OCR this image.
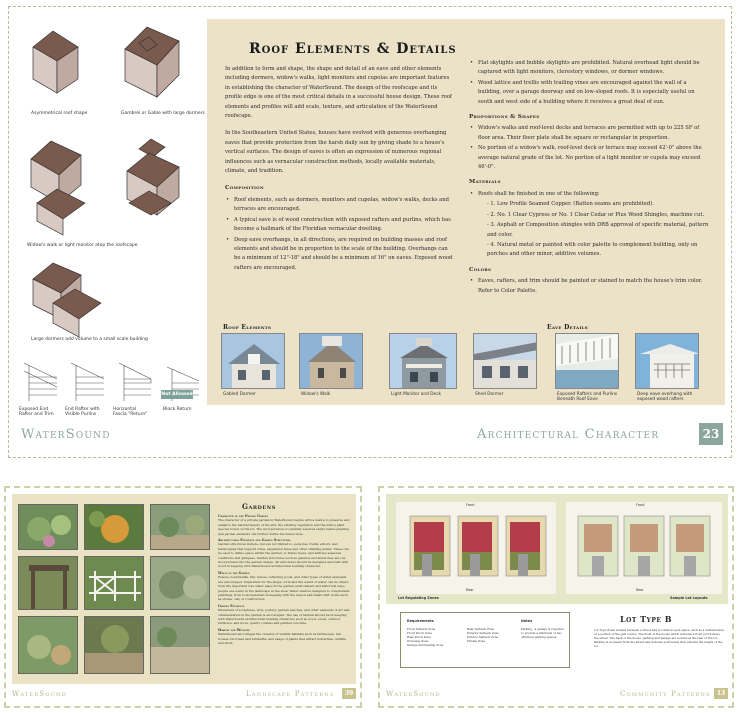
Asymmetrical roof shape	Gambrel or Gable with large dormers
Widow's walk or light monitor atop the roofscape
Large dormers add volume to a small scale building
Not Allowed
Exposed End Rafter and Trim
End Rafter with Visible Purlins
Horizontal Fascia "Return"
Block Return
Roof Elements & Details

In addition to form and shape, the shape and detail of an eave and other elements including dormers, widow's walks, light monitors and cupolas are important features in establishing the character of WaterSound. The design of the roofscape and its profile edge is one of the most critical details in a successful house design. These roof elements and profiles will add scale, texture, and articulation of the WaterSound roofscape.

In the Southeastern United States, houses have evolved with generous overhanging eaves that provide protection from the harsh daily sun by giving shade to a house's vertical surfaces. The design of eaves is often an expression of numerous regional influences such as vernacular construction methods, locally available materials, climate, and tradition.

Composition
• Roof elements, such as dormers, monitors and cupolas, widow's walks, decks and terraces are encouraged.
• A typical eave is of wood construction with exposed rafters and purlins, which has become a hallmark of the Floridian vernacular dwelling.
• Deep eave overhangs, in all directions, are required on building masses and roof elements and should be in proportion to the scale of the building. Overhangs can be a minimum of 12"-18" and should be a minimum of 16" on eaves. Exposed wood rafters are encouraged.
• Flat skylights and bubble skylights are prohibited. Natural overhead light should be captured with light monitors, clerestory windows, or dormer windows.
• Wood lattice and trellis with trailing vines are encouraged against the wall of a building, over a garage doorway and on low-sloped roofs. It is especially useful on south and west side of a building where it receives a great deal of sun.
Proportions & Shapes
• Widow's walks and roof-level decks and terraces are permitted with up to 225 SF of floor area. Their floor plate shall be square or rectangular in proportion.
• No portion of a widow's walk, roof-level deck or terrace may exceed 42'-0" above the average natural grade of the lot. No portion of a light monitor or cupola may exceed 46'-0".
Materials
• Roofs shall be finished in one of the following:
- 1. Low Profile Seamed Copper. (Batten seams are prohibited).
- 2. No. 1 Clear Cypress or No. 1 Clear Cedar or Plus Wood Shingles, machine cut.
- 3. Asphalt or Composition shingles with DRB approval of specific material, pattern and color.
- 4. Natural metal or painted with color palette to complement building, only on porches and other minor, additive volumes.
Colors
• Eaves, rafters, and trim should be painted or stained to match the house's trim color. Refer to Color Palette.
Roof Elements	Eave Details
Gabled Dormer	Widow's Walk	Light Monitor and Deck	Shed Dormer	Exposed Rafters and Purlins Beneath Roof Eave
Deep eave overhang with exposed wood rafters
WaterSound	Architectural Character	23
Gardens
Character of the Private Garden
The character of a private garden in WaterSound begins with a desire to preserve and enhance the natural beauty of the site; the existing vegetation and the native plant species found on the lot. The incorporation of carefully selected sandy native planting and garden elements can further define the dunes style.
Architectural Elements and Garden Structures
Garden structures include, but are not limited to, pergolas, trellis, arbors, and landscaping that support vines, espaliered trees and other climbing plants. These can be used to define space within the garden, to frame views, and address seasonal conditions and glimpses. Garden structures such as gazebos and sheds may also be incorporated into the garden design. All structures should be designed and built with wood in keeping with WaterSound architectural building character.
Walls in the Garden
Fences, boardwalks, tiki, fences, reflecting pools, and other types of water elements are encouraged. Inspiration for the shape, form and the sound of water can be drawn from the important role water plays in the garden environment and historical ways people use water in the landscape in the area. Water shall be designed to complement plantings, from local materials in keeping with the region and small craft works such as stones, clay or construction.
Garden Elements
Placement of sculptures, urns, pottery, garden benches, and other elements of art and ornamentation in the garden is encouraged. The use of natural should be in keeping with WaterSound architectural building character, such as wood, stone, outdoor furniture, and more, quarry cobbles and painted concrete.
Habitat for Wildlife
WaterSound encourages the creation of wildlife habitats such as birdhouses, bat houses, bird feed and birdbaths, and usage of plants that attract butterflies, wildlife and birds.
WaterSound	Landscape Patterns	39
Front
Rear
Front
Rear
Lot Regulating Zones	Sample Lot Layouts
Requirements
Front Setback Zone
Front Porch Zone
Rear Porch Zone
Driveway Zone
Garage and Parking Zone
Rear Setback Zone
Exterior Setback Zone
Interior Setback Zone
Private Zone
Notes
Parking - a garage is required to provide a minimum of two off-street parking spaces.
Lot Type B
Lot Type B are located between a street and a common open space, such as a wetland area or a portion of the golf course. The front of the house which includes a front porch faces the street. The back of the house, parking and garage are located at the rear of the lot. Parking is accessed from the street and includes a driveway that extends the length of the lot.
WaterSound	Community Patterns	13
